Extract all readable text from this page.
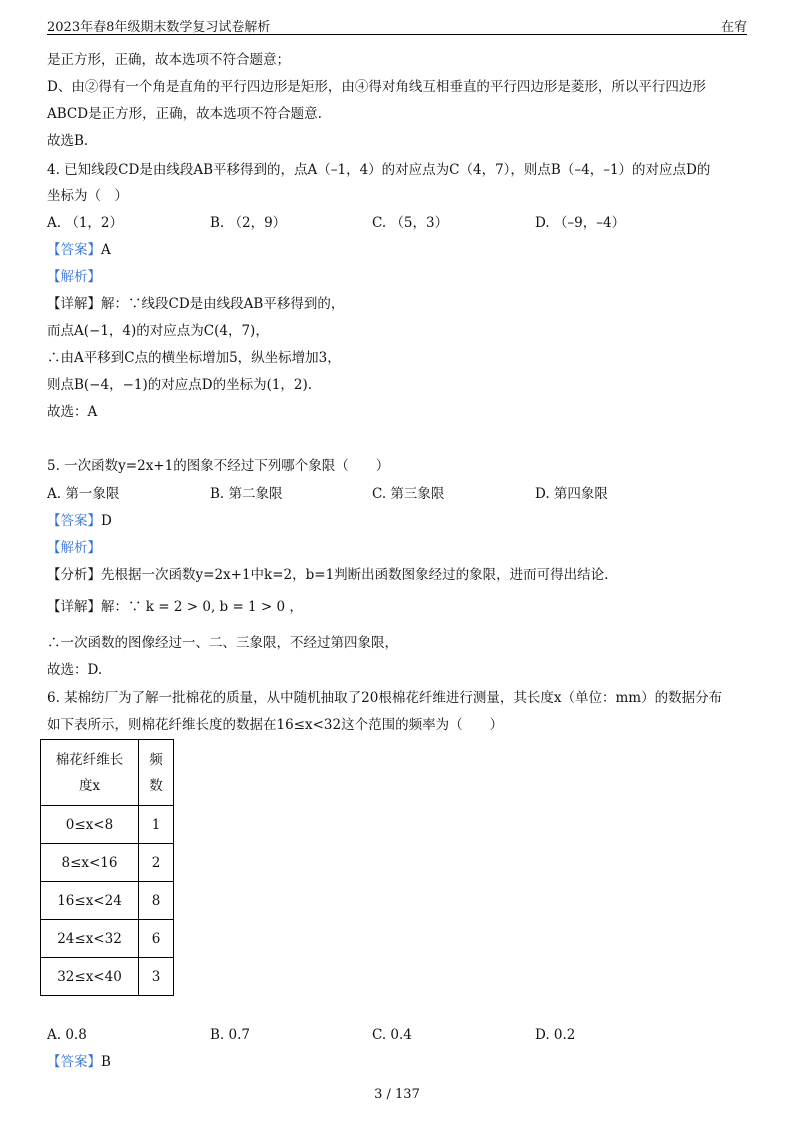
2023年春8年级期末数学复习试卷解析	在宥
是正方形，正确，故本选项不符合题意；
D、由②得有一个角是直角的平行四边形是矩形，由④得对角线互相垂直的平行四边形是菱形，所以平行四边形
ABCD是正方形，正确，故本选项不符合题意.
故选B.
4. 已知线段CD是由线段AB平移得到的，点A（–1，4）的对应点为C（4，7），则点B（–4，–1）的对应点D的
坐标为（　）
A. （1，2）	B. （2，9）	C. （5，3）	D. （–9，–4）
【答案】A
【解析】
【详解】解：∵线段CD是由线段AB平移得到的，
而点A(−1，4)的对应点为C(4，7)，
∴由A平移到C点的横坐标增加5，纵坐标增加3，
则点B(−4，−1)的对应点D的坐标为(1，2).
故选：A
5. 一次函数y=2x+1的图象不经过下列哪个象限（　　）
A. 第一象限	B. 第二象限	C. 第三象限	D. 第四象限
【答案】D
【解析】
【分析】先根据一次函数y=2x+1中k=2，b=1判断出函数图象经过的象限，进而可得出结论.
【详解】解：∵ k = 2 > 0, b = 1 > 0 ，
∴一次函数的图像经过一、二、三象限，不经过第四象限，
故选：D.
6. 某棉纺厂为了解一批棉花的质量，从中随机抽取了20根棉花纤维进行测量，其长度x（单位：mm）的数据分布
如下表所示，则棉花纤维长度的数据在16≤x<32这个范围的频率为（　　）
棉花纤维长
度x	频
数
0≤x<8	1
8≤x<16	2
16≤x<24	8
24≤x<32	6
32≤x<40	3
A. 0.8	B. 0.7	C. 0.4	D. 0.2
【答案】B
3 / 137
